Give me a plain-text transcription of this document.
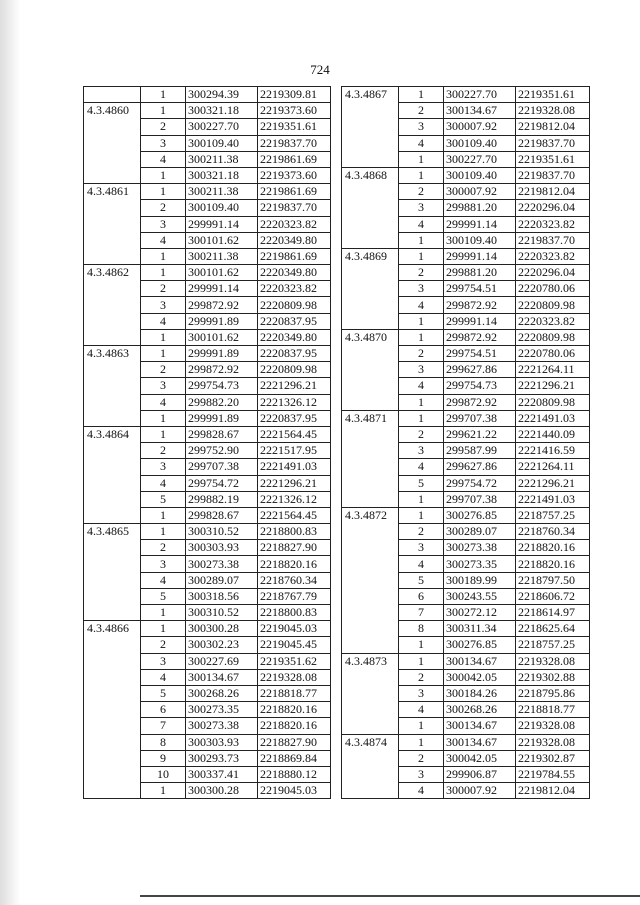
724
	1	300294.39	2219309.81
4.3.4860	1	300321.18	2219373.60
	2	300227.70	2219351.61
	3	300109.40	2219837.70
	4	300211.38	2219861.69
	1	300321.18	2219373.60
4.3.4861	1	300211.38	2219861.69
	2	300109.40	2219837.70
	3	299991.14	2220323.82
	4	300101.62	2220349.80
	1	300211.38	2219861.69
4.3.4862	1	300101.62	2220349.80
	2	299991.14	2220323.82
	3	299872.92	2220809.98
	4	299991.89	2220837.95
	1	300101.62	2220349.80
4.3.4863	1	299991.89	2220837.95
	2	299872.92	2220809.98
	3	299754.73	2221296.21
	4	299882.20	2221326.12
	1	299991.89	2220837.95
4.3.4864	1	299828.67	2221564.45
	2	299752.90	2221517.95
	3	299707.38	2221491.03
	4	299754.72	2221296.21
	5	299882.19	2221326.12
	1	299828.67	2221564.45
4.3.4865	1	300310.52	2218800.83
	2	300303.93	2218827.90
	3	300273.38	2218820.16
	4	300289.07	2218760.34
	5	300318.56	2218767.79
	1	300310.52	2218800.83
4.3.4866	1	300300.28	2219045.03
	2	300302.23	2219045.45
	3	300227.69	2219351.62
	4	300134.67	2219328.08
	5	300268.26	2218818.77
	6	300273.35	2218820.16
	7	300273.38	2218820.16
	8	300303.93	2218827.90
	9	300293.73	2218869.84
	10	300337.41	2218880.12
	1	300300.28	2219045.03
4.3.4867	1	300227.70	2219351.61
	2	300134.67	2219328.08
	3	300007.92	2219812.04
	4	300109.40	2219837.70
	1	300227.70	2219351.61
4.3.4868	1	300109.40	2219837.70
	2	300007.92	2219812.04
	3	299881.20	2220296.04
	4	299991.14	2220323.82
	1	300109.40	2219837.70
4.3.4869	1	299991.14	2220323.82
	2	299881.20	2220296.04
	3	299754.51	2220780.06
	4	299872.92	2220809.98
	1	299991.14	2220323.82
4.3.4870	1	299872.92	2220809.98
	2	299754.51	2220780.06
	3	299627.86	2221264.11
	4	299754.73	2221296.21
	1	299872.92	2220809.98
4.3.4871	1	299707.38	2221491.03
	2	299621.22	2221440.09
	3	299587.99	2221416.59
	4	299627.86	2221264.11
	5	299754.72	2221296.21
	1	299707.38	2221491.03
4.3.4872	1	300276.85	2218757.25
	2	300289.07	2218760.34
	3	300273.38	2218820.16
	4	300273.35	2218820.16
	5	300189.99	2218797.50
	6	300243.55	2218606.72
	7	300272.12	2218614.97
	8	300311.34	2218625.64
	1	300276.85	2218757.25
4.3.4873	1	300134.67	2219328.08
	2	300042.05	2219302.88
	3	300184.26	2218795.86
	4	300268.26	2218818.77
	1	300134.67	2219328.08
4.3.4874	1	300134.67	2219328.08
	2	300042.05	2219302.87
	3	299906.87	2219784.55
	4	300007.92	2219812.04
